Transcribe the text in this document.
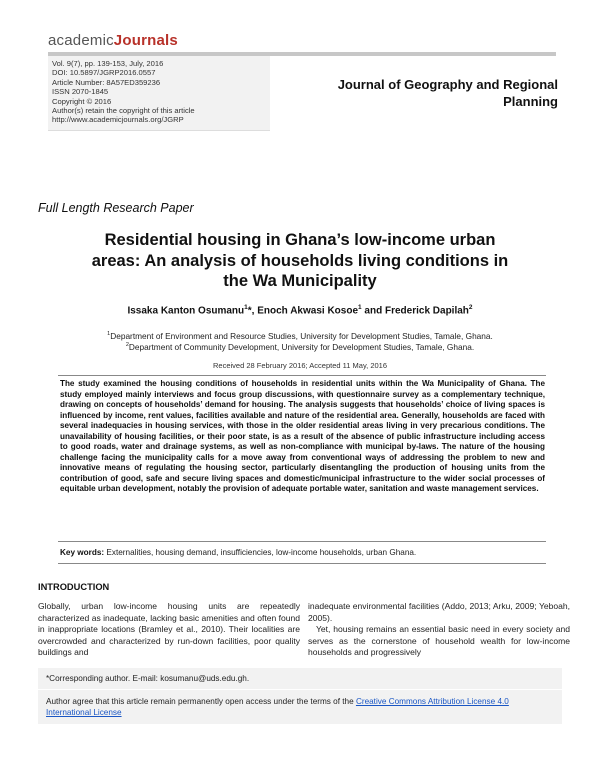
academicJournals
Vol. 9(7), pp. 139-153, July, 2016
DOI: 10.5897/JGRP2016.0557
Article Number: 8A57ED359236
ISSN 2070-1845
Copyright © 2016
Author(s) retain the copyright of this article
http://www.academicjournals.org/JGRP
Journal of Geography and Regional
Planning
Full Length Research Paper
Residential housing in Ghana’s low-income urban
areas: An analysis of households living conditions in
the Wa Municipality
Issaka Kanton Osumanu$^1$*, Enoch Akwasi Kosoe$^1$ and Frederick Dapilah$^2$
$^1$Department of Environment and Resource Studies, University for Development Studies, Tamale, Ghana.
$^2$Department of Community Development, University for Development Studies, Tamale, Ghana.
Received 28 February 2016; Accepted 11 May, 2016
The study examined the housing conditions of households in residential units within the Wa Municipality of Ghana. The study employed mainly interviews and focus group discussions, with questionnaire survey as a complementary technique, drawing on concepts of households’ demand for housing. The analysis suggests that households’ choice of living spaces is influenced by income, rent values, facilities available and nature of the residential area. Generally, households are faced with several inadequacies in housing services, with those in the older residential areas living in very precarious conditions. The unavailability of housing facilities, or their poor state, is as a result of the absence of public infrastructure including access to good roads, water and drainage systems, as well as non-compliance with municipal by-laws. The nature of the housing challenge facing the municipality calls for a move away from conventional ways of addressing the problem to new and innovative means of regulating the housing sector, particularly disentangling the production of housing units from the contribution of good, safe and secure living spaces and domestic/municipal infrastructure to the wider social processes of equitable urban development, notably the provision of adequate portable water, sanitation and waste management services.
Key words: Externalities, housing demand, insufficiencies, low-income households, urban Ghana.
INTRODUCTION

Globally, urban low-income housing units are repeatedly characterized as inadequate, lacking basic amenities and often found in inappropriate locations (Bramley et al., 2010). Their localities are overcrowded and characterized by run-down facilities, poor quality buildings and

inadequate environmental facilities (Addo, 2013; Arku, 2009; Yeboah, 2005).

Yet, housing remains an essential basic need in every society and serves as the cornerstone of household wealth for low-income households and progressively

*Corresponding author. E-mail: kosumanu@uds.edu.gh.
Author agree that this article remain permanently open access under the terms of the Creative Commons Attribution License 4.0 International License
